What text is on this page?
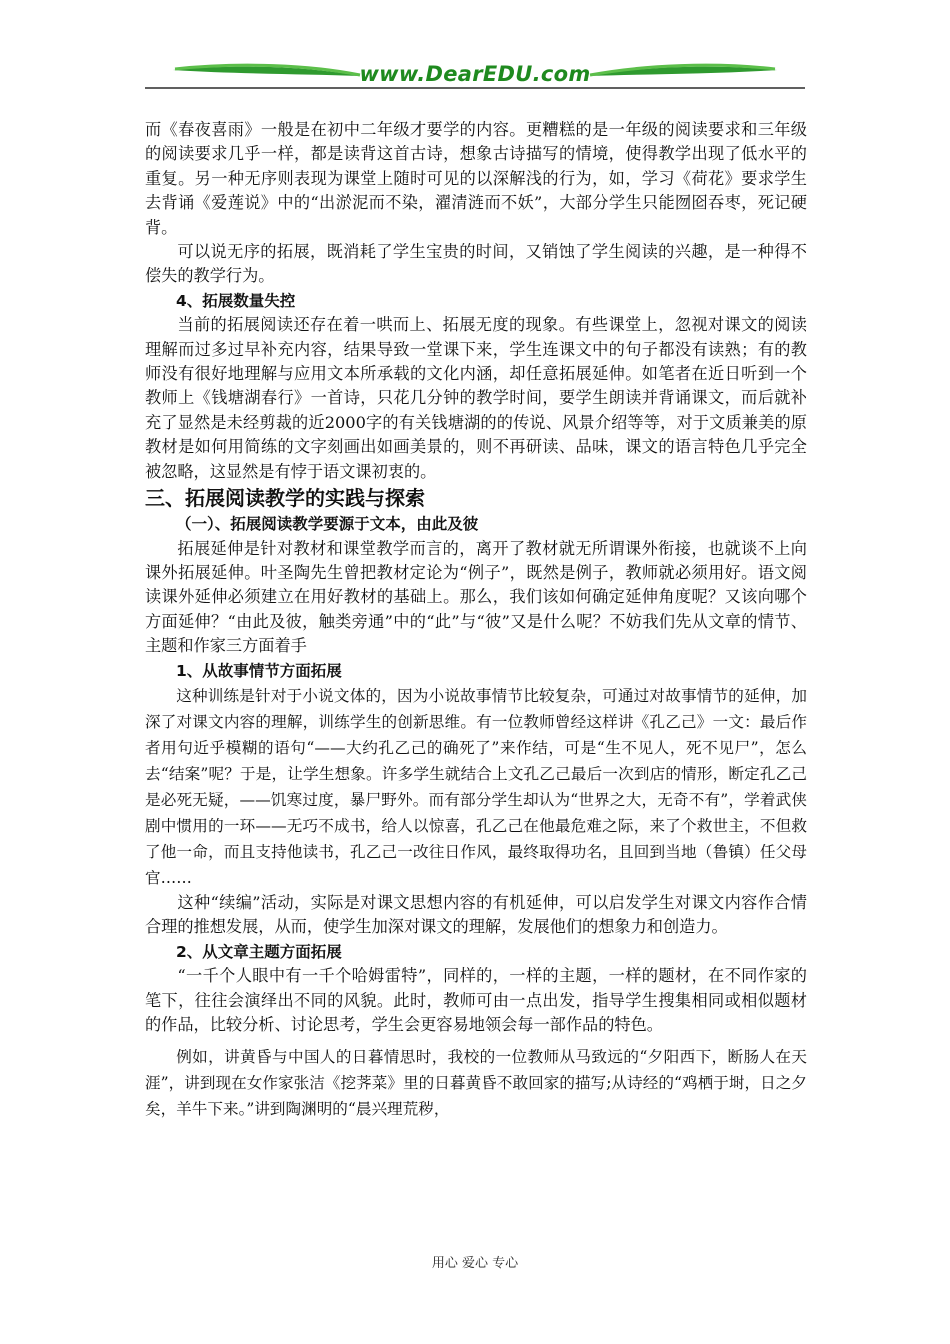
www.DearEDU.com

而《春夜喜雨》一般是在初中二年级才要学的内容。更糟糕的是一年级的阅读要求和三年级的阅读要求几乎一样，都是读背这首古诗，想象古诗描写的情境，使得教学出现了低水平的重复。另一种无序则表现为课堂上随时可见的以深解浅的行为，如，学习《荷花》要求学生去背诵《爱莲说》中的“出淤泥而不染，濯清涟而不妖”，大部分学生只能囫囵吞枣，死记硬背。

可以说无序的拓展，既消耗了学生宝贵的时间，又销蚀了学生阅读的兴趣，是一种得不偿失的教学行为。

4、拓展数量失控

当前的拓展阅读还存在着一哄而上、拓展无度的现象。有些课堂上，忽视对课文的阅读理解而过多过早补充内容，结果导致一堂课下来，学生连课文中的句子都没有读熟；有的教师没有很好地理解与应用文本所承载的文化内涵，却任意拓展延伸。如笔者在近日听到一个教师上《钱塘湖春行》一首诗，只花几分钟的教学时间，要学生朗读并背诵课文，而后就补充了显然是未经剪裁的近2000字的有关钱塘湖的的传说、风景介绍等等，对于文质兼美的原教材是如何用简练的文字刻画出如画美景的，则不再研读、品味，课文的语言特色几乎完全被忽略，这显然是有悖于语文课初衷的。

三、拓展阅读教学的实践与探索

（一）、拓展阅读教学要源于文本，由此及彼

拓展延伸是针对教材和课堂教学而言的，离开了教材就无所谓课外衔接，也就谈不上向课外拓展延伸。叶圣陶先生曾把教材定论为“例子”，既然是例子，教师就必须用好。语文阅读课外延伸必须建立在用好教材的基础上。那么，我们该如何确定延伸角度呢？又该向哪个方面延伸？“由此及彼，触类旁通”中的“此”与“彼”又是什么呢？不妨我们先从文章的情节、主题和作家三方面着手

1、从故事情节方面拓展

这种训练是针对于小说文体的，因为小说故事情节比较复杂，可通过对故事情节的延伸，加深了对课文内容的理解，训练学生的创新思维。有一位教师曾经这样讲《孔乙己》一文：最后作者用句近乎模糊的语句“——大约孔乙己的确死了”来作结，可是“生不见人，死不见尸”，怎么去“结案”呢？于是，让学生想象。许多学生就结合上文孔乙己最后一次到店的情形，断定孔乙己是必死无疑，——饥寒过度，暴尸野外。而有部分学生却认为“世界之大，无奇不有”，学着武侠剧中惯用的一环——无巧不成书，给人以惊喜，孔乙己在他最危难之际，来了个救世主，不但救了他一命，而且支持他读书，孔乙己一改往日作风，最终取得功名，且回到当地（鲁镇）任父母官……

这种“续编”活动，实际是对课文思想内容的有机延伸，可以启发学生对课文内容作合情合理的推想发展，从而，使学生加深对课文的理解，发展他们的想象力和创造力。

2、从文章主题方面拓展

“一千个人眼中有一千个哈姆雷特”，同样的，一样的主题，一样的题材，在不同作家的笔下，往往会演绎出不同的风貌。此时，教师可由一点出发，指导学生搜集相同或相似题材的作品，比较分析、讨论思考，学生会更容易地领会每一部作品的特色。

例如，讲黄昏与中国人的日暮情思时，我校的一位教师从马致远的“夕阳西下，断肠人在天涯”，讲到现在女作家张洁《挖荠菜》里的日暮黄昏不敢回家的描写;从诗经的“鸡栖于埘，日之夕矣，羊牛下来。”讲到陶渊明的“晨兴理荒秽，

用心 爱心 专心
